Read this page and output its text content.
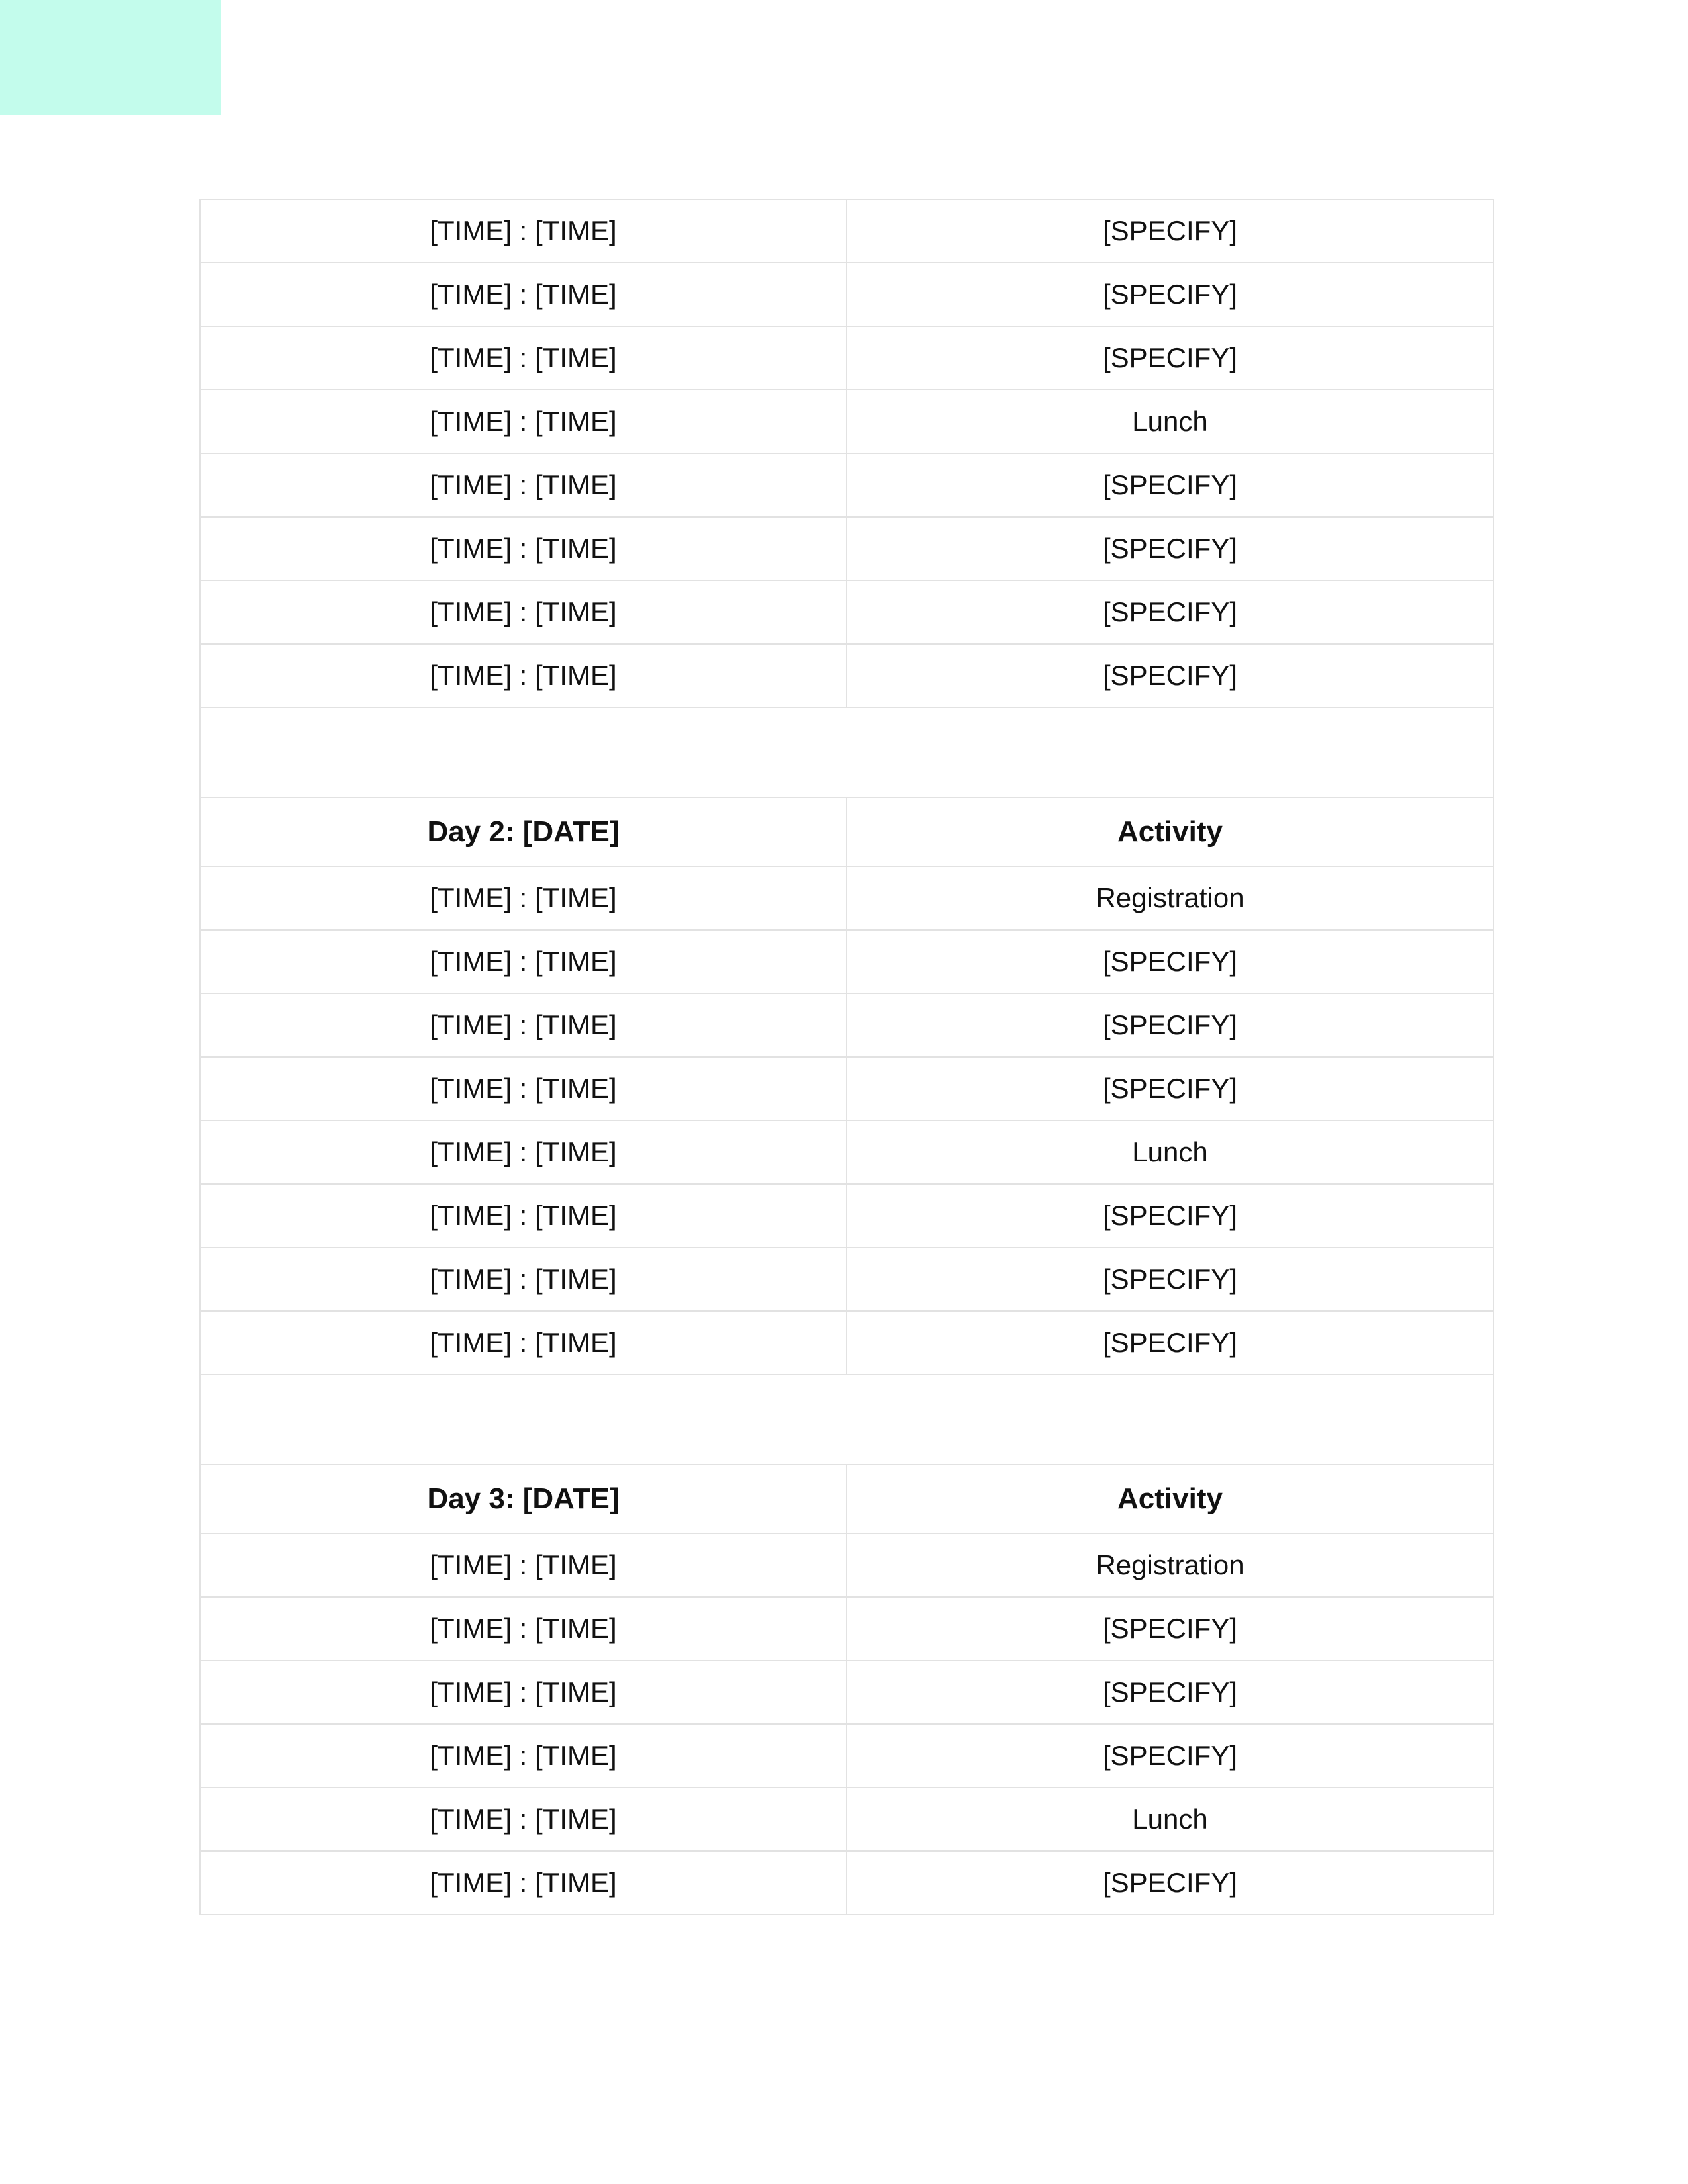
[TIME] : [TIME]	[SPECIFY]
[TIME] : [TIME]	[SPECIFY]
[TIME] : [TIME]	[SPECIFY]
[TIME] : [TIME]	Lunch
[TIME] : [TIME]	[SPECIFY]
[TIME] : [TIME]	[SPECIFY]
[TIME] : [TIME]	[SPECIFY]
[TIME] : [TIME]	[SPECIFY]

Day 2: [DATE]	Activity
[TIME] : [TIME]	Registration
[TIME] : [TIME]	[SPECIFY]
[TIME] : [TIME]	[SPECIFY]
[TIME] : [TIME]	[SPECIFY]
[TIME] : [TIME]	Lunch
[TIME] : [TIME]	[SPECIFY]
[TIME] : [TIME]	[SPECIFY]
[TIME] : [TIME]	[SPECIFY]

Day 3: [DATE]	Activity
[TIME] : [TIME]	Registration
[TIME] : [TIME]	[SPECIFY]
[TIME] : [TIME]	[SPECIFY]
[TIME] : [TIME]	[SPECIFY]
[TIME] : [TIME]	Lunch
[TIME] : [TIME]	[SPECIFY]
